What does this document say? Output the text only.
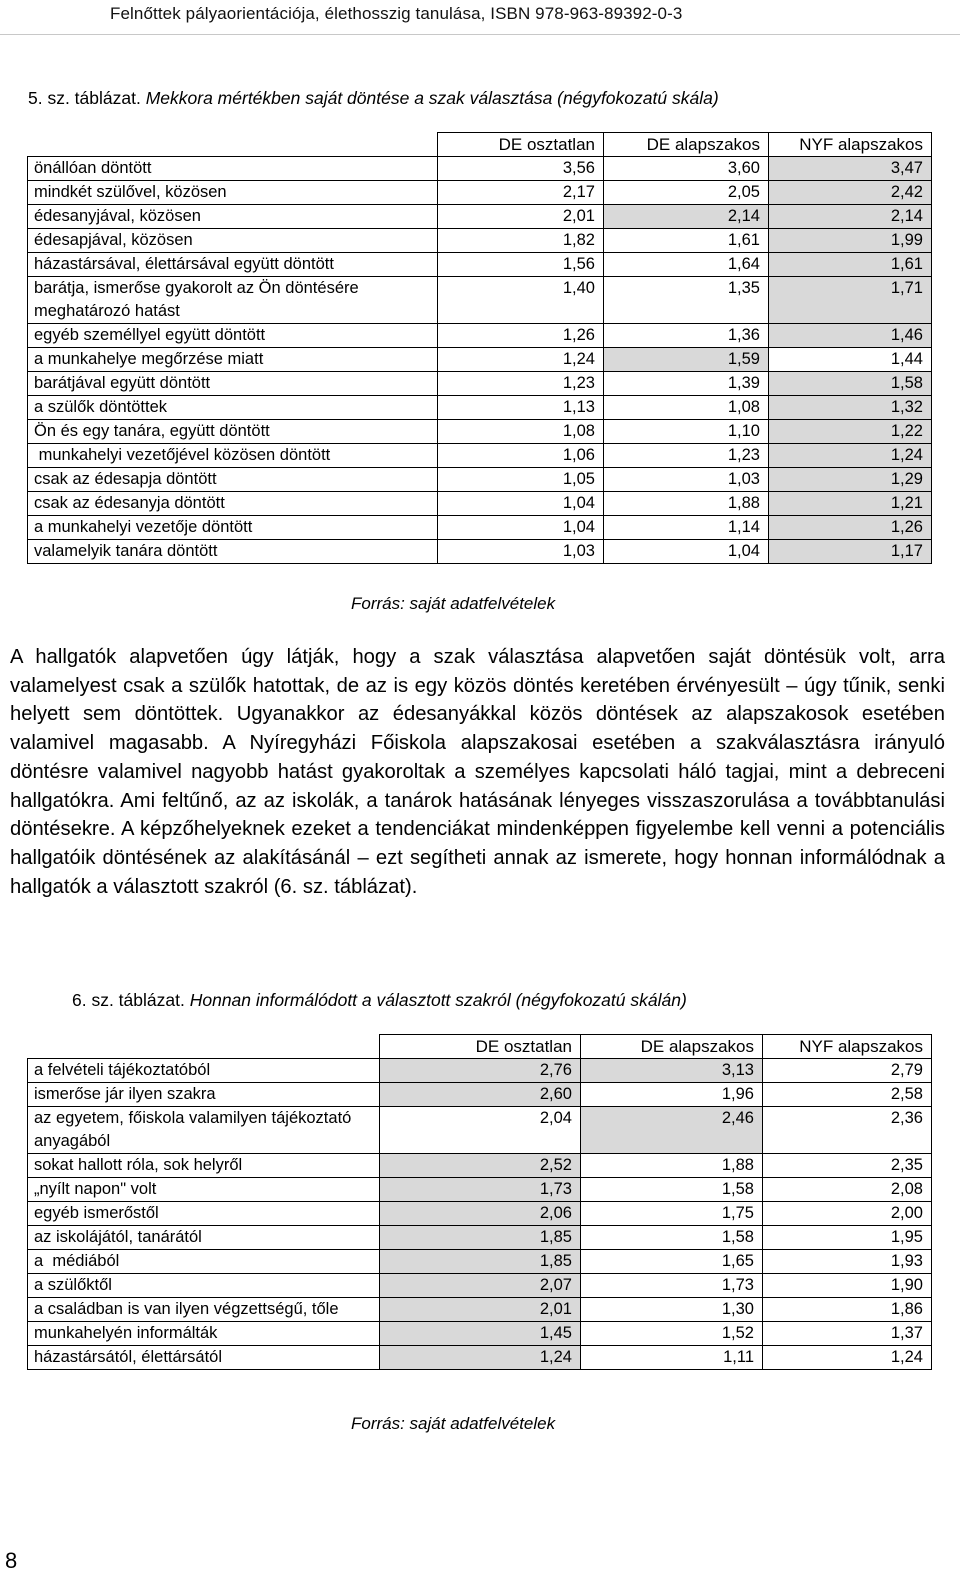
Felnőttek pályaorientációja, élethosszig tanulása, ISBN 978-963-89392-0-3
5. sz. táblázat. Mekkora mértékben saját döntése a szak választása (négyfokozatú skála)
	DE osztatlan	DE alapszakos	NYF alapszakos
önállóan döntött	3,56	3,60	3,47
mindkét szülővel, közösen	2,17	2,05	2,42
édesanyjával, közösen	2,01	2,14	2,14
édesapjával, közösen	1,82	1,61	1,99
házastársával, élettársával együtt döntött	1,56	1,64	1,61
barátja, ismerőse gyakorolt az Ön döntésére meghatározó hatást	1,40	1,35	1,71
egyéb személlyel együtt döntött	1,26	1,36	1,46
a munkahelye megőrzése miatt	1,24	1,59	1,44
barátjával együtt döntött	1,23	1,39	1,58
a szülők döntöttek	1,13	1,08	1,32
Ön és egy tanára, együtt döntött	1,08	1,10	1,22
munkahelyi vezetőjével közösen döntött	1,06	1,23	1,24
csak az édesapja döntött	1,05	1,03	1,29
csak az édesanyja döntött	1,04	1,88	1,21
a munkahelyi vezetője döntött	1,04	1,14	1,26
valamelyik tanára döntött	1,03	1,04	1,17
Forrás: saját adatfelvételek

A hallgatók alapvetően úgy látják, hogy a szak választása alapvetően saját döntésük volt, arra valamelyest csak a szülők hatottak, de az is egy közös döntés keretében érvényesült – úgy tűnik, senki helyett sem döntöttek. Ugyanakkor az édesanyákkal közös döntések az alapszakosok esetében valamivel magasabb. A Nyíregyházi Főiskola alapszakosai esetében a szakválasztásra irányuló döntésre valamivel nagyobb hatást gyakoroltak a személyes kapcsolati háló tagjai, mint a debreceni hallgatókra. Ami feltűnő, az az iskolák, a tanárok hatásának lényeges visszaszorulása a továbbtanulási döntésekre. A képzőhelyeknek ezeket a tendenciákat mindenképpen figyelembe kell venni a potenciális hallgatóik döntésének az alakításánál – ezt segítheti annak az ismerete, hogy honnan informálódnak a hallgatók a választott szakról (6. sz. táblázat).

6. sz. táblázat. Honnan informálódott a választott szakról (négyfokozatú skálán)
	DE osztatlan	DE alapszakos	NYF alapszakos
a felvételi tájékoztatóból	2,76	3,13	2,79
ismerőse jár ilyen szakra	2,60	1,96	2,58
az egyetem, főiskola valamilyen tájékoztató anyagából	2,04	2,46	2,36
sokat hallott róla, sok helyről	2,52	1,88	2,35
„nyílt napon" volt	1,73	1,58	2,08
egyéb ismerőstől	2,06	1,75	2,00
az iskolájától, tanárától	1,85	1,58	1,95
a  médiából	1,85	1,65	1,93
a szülőktől	2,07	1,73	1,90
a családban is van ilyen végzettségű, tőle	2,01	1,30	1,86
munkahelyén informálták	1,45	1,52	1,37
házastársától, élettársától	1,24	1,11	1,24
Forrás: saját adatfelvételek
8
